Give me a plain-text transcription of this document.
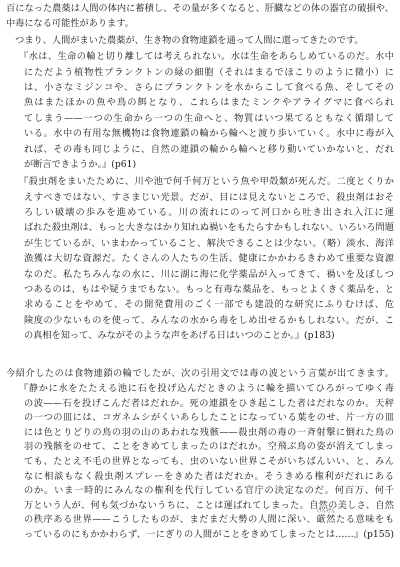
百になった農薬は人間の体内に蓄積し、その量が多くなると、肝臓などの体の器官の破損や、
中毒になる可能性があります。
　つまり、人間がまいた農薬が、生き物の食物連鎖を通って人間に還ってきたのです。
『水は、生命の輪と切り離しては考えられない。水は生命をあらしめているのだ。水中
にただよう植物性プランクトンの緑の細胞（それはまるでほこりのように微小）に
は、小さなミジンコや、さらにプランクトンを水からこして食べる魚、そしてその
魚はまたほかの魚や鳥の餌となり、これらはまたミンクやアライグマに食べられ
てしまう——一つの生命から一つの生命へと、物質はいつ果てるともなく循環して
いる。水中の有用な無機物は食物連鎖の輪から輪へと渡り歩いていく。水中に毒が入
れば、その毒も同じように、自然の連鎖の輪から輪へと移り動いていかないと、だれ
が断言できようか。』(p61)
『殺虫剤をまいたために、川や池で何千何万という魚や甲殻類が死んだ。二度とくりか
えすべきではない、すさまじい光景。だが、目には見えないところで、殺虫剤はおそ
ろしい破壊の歩みを進めている。川の流れにのって河口から吐き出され入江に運
ばれた殺虫剤は、もっと大きなはかり知れぬ禍いをもたらすかもしれない。いろいろ問題
が生じているが、いまわかっていること、解決できることは少ない。（略）淡水、海洋
漁獲は大切な資源だ。たくさんの人たちの生活、健康にかかわるきわめて重要な資源
なのだ。私たちみんなの水に、川に湖に海に化学薬品が入ってきて、禍いを及ぼしつ
つあるのは、もはや疑うまでもない。もっと有毒な薬品を、もっとよくきく薬品を、と
求めることをやめて、その開発費用のごく一部でも建設的な研究にふりむけば、危
険度の少ないものを使って、みんなの水から毒をしめ出せるかもしれない。だが、こ
の真相を知って、みながそのような声をあげる日はいつのことか。』(p183)
今紹介したのは食物連鎖の輪でしたが、次の引用文では毒の波という言葉が出てきます。
『静かに水をたたえる池に石を投げ込んだときのように輪を描いてひろがってゆく毒
の波——石を投げこんだ者はだれか。死の連鎖をひき起こした者はだれなのか。天秤
の一つの皿には、コガネムシがくいあらしたことになっている葉をのせ、片一方の皿
には色とりどりの鳥の羽の山のあわれな残骸——殺虫剤の毒の一斉射撃に倒れた鳥の
羽の残骸をのせて、ことをきめてしまったのはだれか。空飛ぶ鳥の姿が消えてしまっ
ても、たとえ不毛の世界となっても、虫のいない世界こそがいちばんいい、と、みん
なに相談もなく殺虫剤スプレーをきめた者はだれか。そうきめる権利がだれにある
のか。いま一時的にみんなの権利を代行している官庁の決定なのだ。何百万、何千
万という人が、何も気づかないうちに、ことは運ばれてしまった。自然の美しさ、自然
の秩序ある世界——こうしたものが、まだまだ大勢の人間に深い、厳然
げんぜん
たる意味をも
っているのにもかかわらず、一にぎりの人間がことをきめてしまったとは……』(p155)
